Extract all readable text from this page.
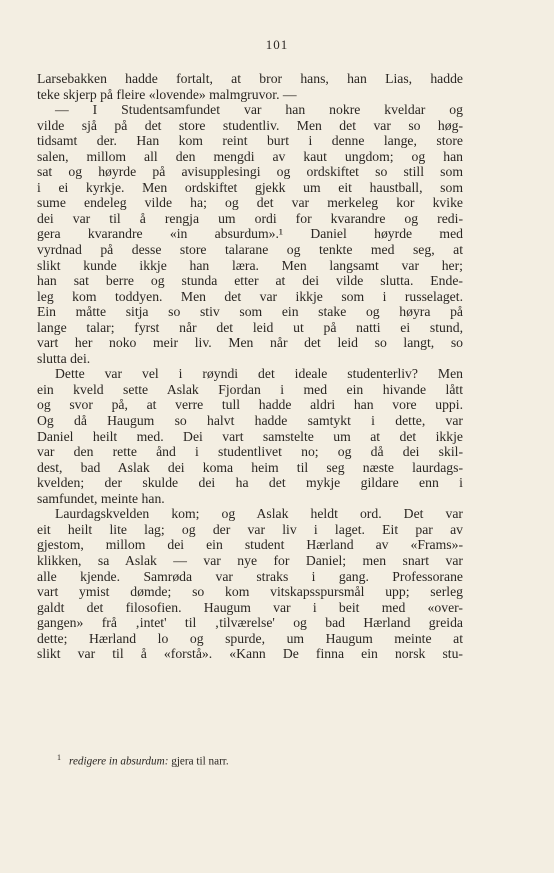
101
Larsebakken hadde fortalt, at bror hans, han Lias, hadde
teke skjerp på fleire «lovende» malmgruvor. —
— I Studentsamfundet var han nokre kveldar og
vilde sjå på det store studentliv. Men det var so høg-
tidsamt der. Han kom reint burt i denne lange, store
salen, millom all den mengdi av kaut ungdom; og han
sat og høyrde på avisupplesingi og ordskiftet so still som
i ei kyrkje. Men ordskiftet gjekk um eit haustball, som
sume endeleg vilde ha; og det var merkeleg kor kvike
dei var til å rengja um ordi for kvarandre og redi-
gera kvarandre «in absurdum».¹ Daniel høyrde med
vyrdnad på desse store talarane og tenkte med seg, at
slikt kunde ikkje han læra. Men langsamt var her;
han sat berre og stunda etter at dei vilde slutta. Ende-
leg kom toddyen. Men det var ikkje som i russelaget.
Ein måtte sitja so stiv som ein stake og høyra på
lange talar; fyrst når det leid ut på natti ei stund,
vart her noko meir liv. Men når det leid so langt, so
slutta dei.
Dette var vel i røyndi det ideale studenterliv? Men
ein kveld sette Aslak Fjordan i med ein hivande lått
og svor på, at verre tull hadde aldri han vore uppi.
Og då Haugum so halvt hadde samtykt i dette, var
Daniel heilt med. Dei vart samstelte um at det ikkje
var den rette ånd i studentlivet no; og då dei skil-
dest, bad Aslak dei koma heim til seg næste laurdags-
kvelden; der skulde dei ha det mykje gildare enn i
samfundet, meinte han.
Laurdagskvelden kom; og Aslak heldt ord. Det var
eit heilt lite lag; og der var liv i laget. Eit par av
gjestom, millom dei ein student Hærland av «Frams»-
klikken, sa Aslak — var nye for Daniel; men snart var
alle kjende. Samrøda var straks i gang. Professorane
vart ymist dømde; so kom vitskapsspursmål upp; serleg
galdt det filosofien. Haugum var i beit med «over-
gangen» frå ‚intet' til ‚tilværelse' og bad Hærland greida
dette; Hærland lo og spurde, um Haugum meinte at
slikt var til å «forstå». «Kann De finna ein norsk stu-
$^1$ redigere in absurdum: gjera til narr.
